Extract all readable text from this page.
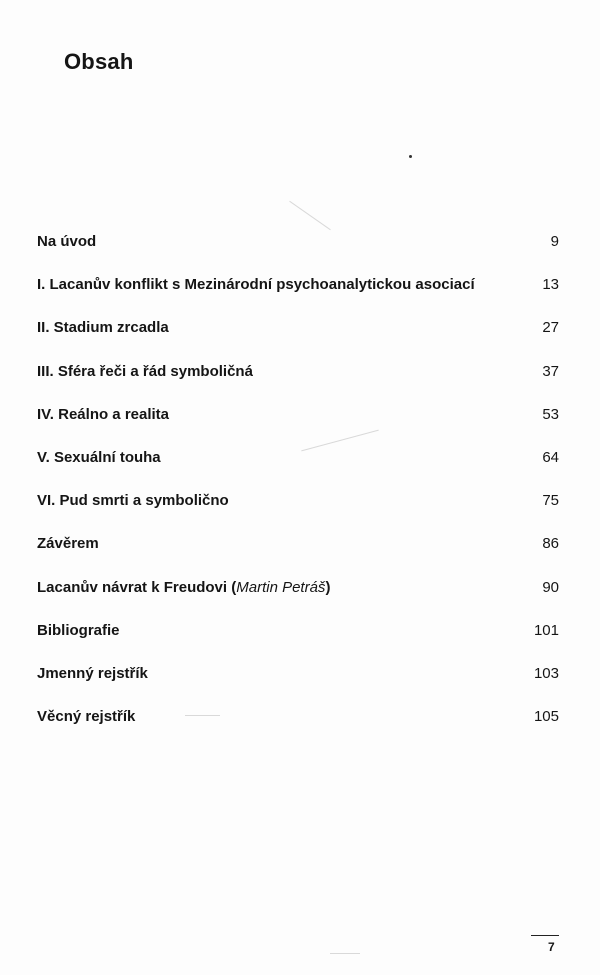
Obsah
Na úvod	9
I. Lacanův konflikt s Mezinárodní psychoanalytickou asociací	13
II. Stadium zrcadla	27
III. Sféra řeči a řád symboličná	37
IV. Reálno a realita	53
V. Sexuální touha	64
VI. Pud smrti a symbolično	75
Závěrem	86
Lacanův návrat k Freudovi (Martin Petráš)	90
Bibliografie	101
Jmenný rejstřík	103
Věcný rejstřík	105
7
